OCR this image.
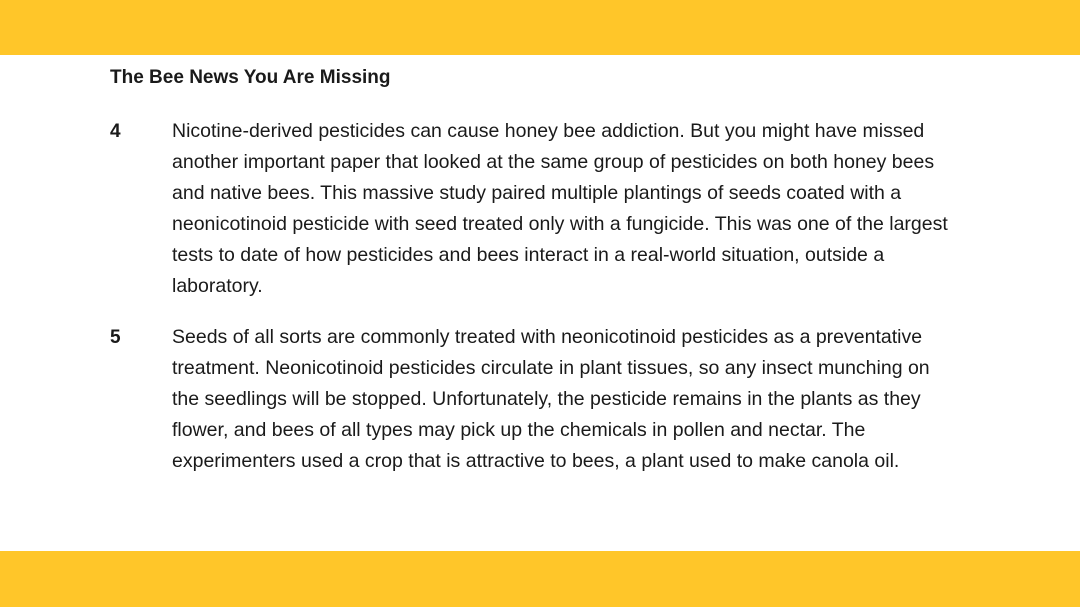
The Bee News You Are Missing
4	Nicotine-derived pesticides can cause honey bee addiction. But you might have missed another important paper that looked at the same group of pesticides on both honey bees and native bees. This massive study paired multiple plantings of seeds coated with a neonicotinoid pesticide with seed treated only with a fungicide. This was one of the largest tests to date of how pesticides and bees interact in a real-world situation, outside a laboratory.

5	Seeds of all sorts are commonly treated with neonicotinoid pesticides as a preventative treatment. Neonicotinoid pesticides circulate in plant tissues, so any insect munching on the seedlings will be stopped. Unfortunately, the pesticide remains in the plants as they flower, and bees of all types may pick up the chemicals in pollen and nectar. The experimenters used a crop that is attractive to bees, a plant used to make canola oil.
